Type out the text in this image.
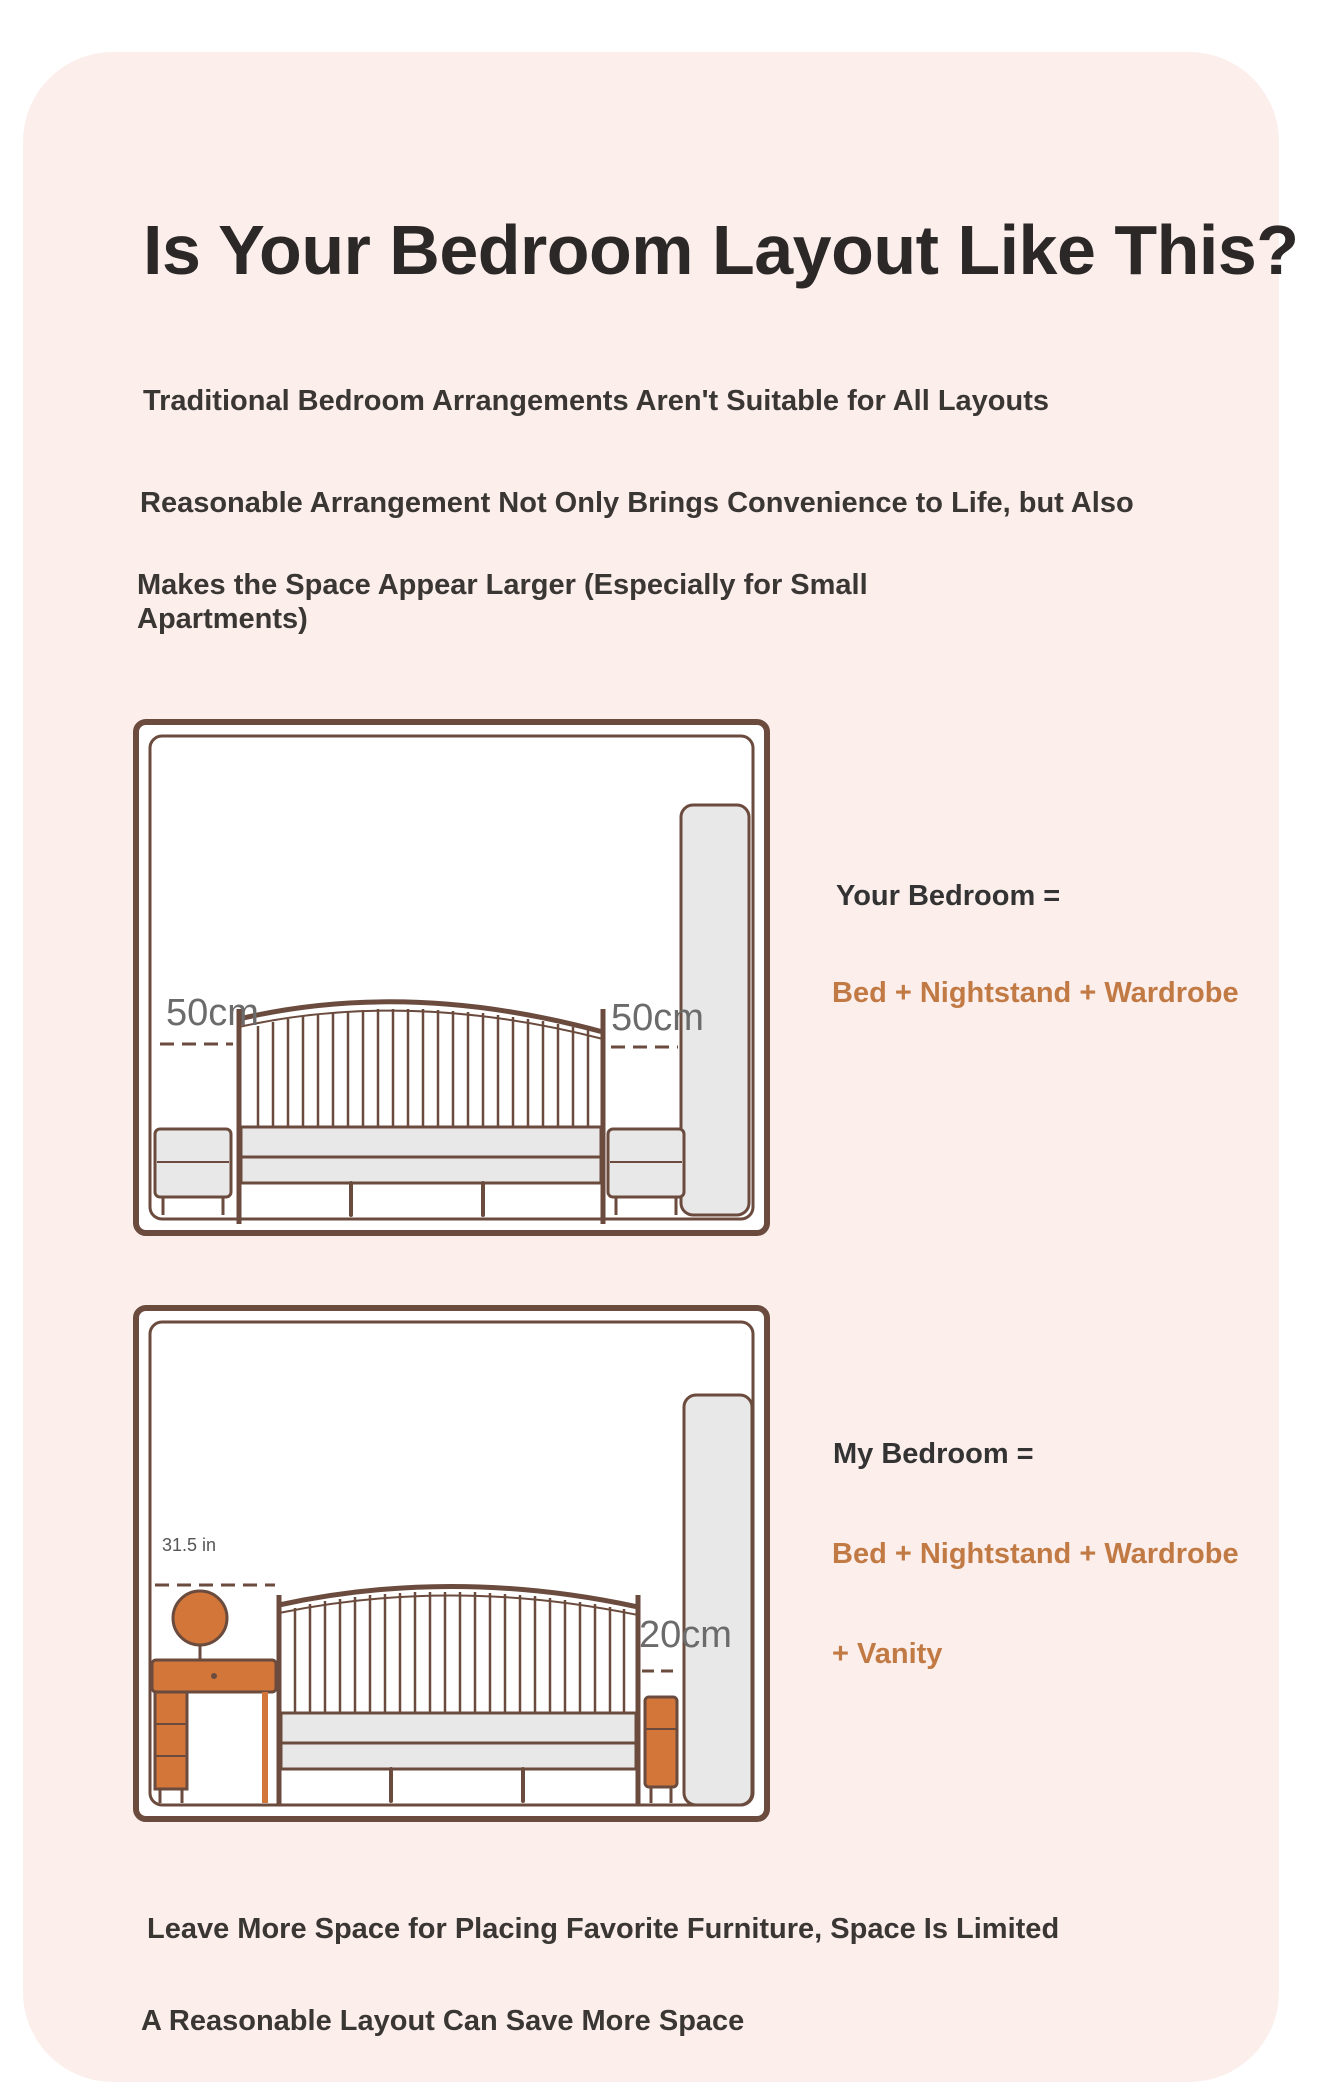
Is Your Bedroom Layout Like This?

Traditional Bedroom Arrangements Aren't Suitable for All Layouts

Reasonable Arrangement Not Only Brings Convenience to Life, but Also

Makes the Space Appear Larger (Especially for Small Apartments)

50cm	50cm

Your Bedroom =

Bed + Nightstand + Wardrobe

31.5 in
20cm

My Bedroom =

Bed + Nightstand + Wardrobe

+ Vanity

Leave More Space for Placing Favorite Furniture, Space Is Limited

A Reasonable Layout Can Save More Space
